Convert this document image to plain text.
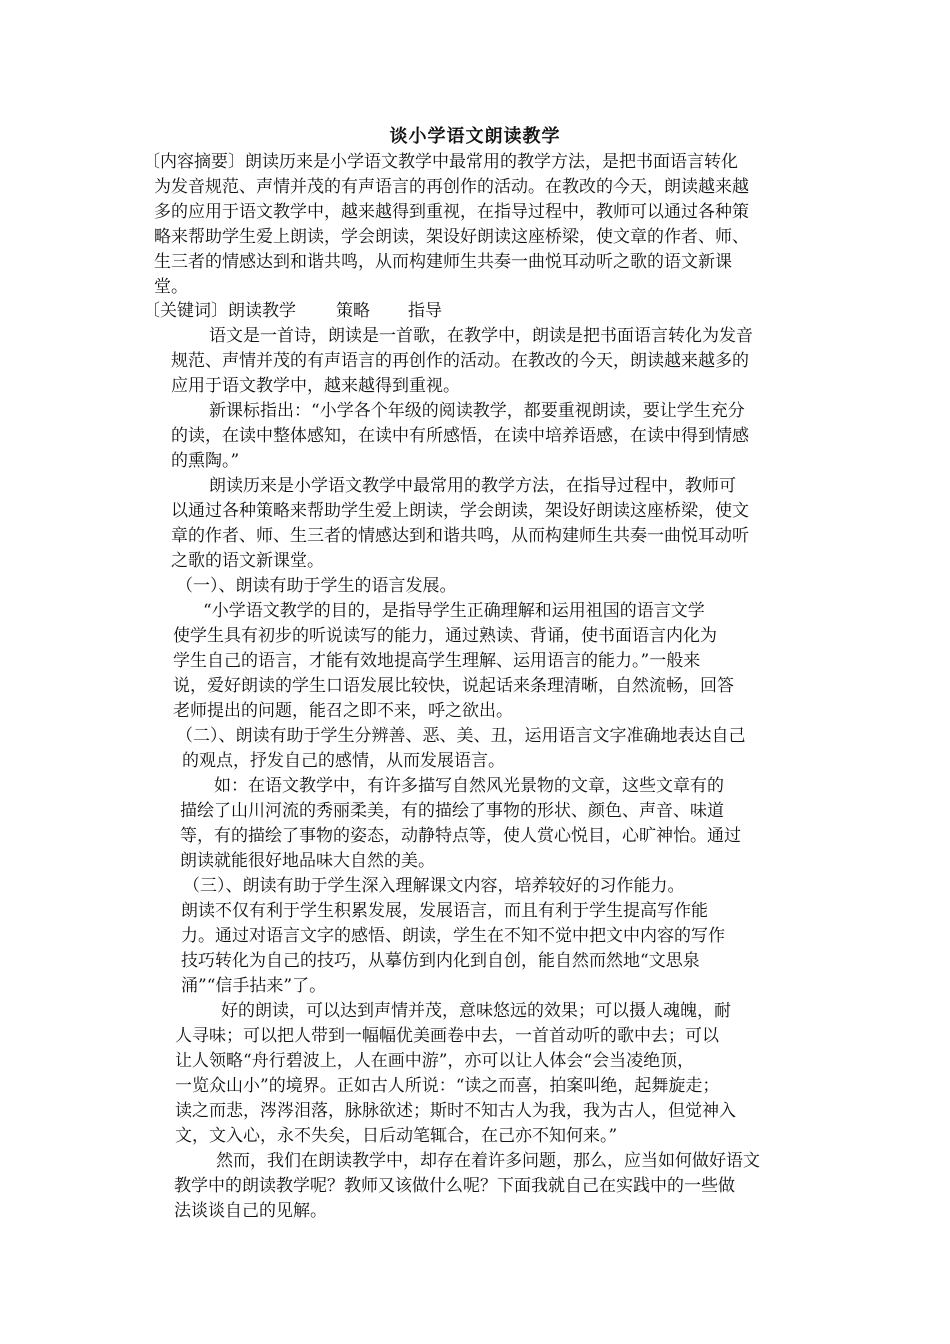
谈小学语文朗读教学
〔内容摘要〕朗读历来是小学语文教学中最常用的教学方法，是把书面语言转化
为发音规范、声情并茂的有声语言的再创作的活动。在教改的今天，朗读越来越
多的应用于语文教学中，越来越得到重视，在指导过程中，教师可以通过各种策
略来帮助学生爱上朗读，学会朗读，架设好朗读这座桥梁，使文章的作者、师、
生三者的情感达到和谐共鸣，从而构建师生共奏一曲悦耳动听之歌的语文新课
堂。
〔关键词〕朗读教学 策略 指导
语文是一首诗，朗读是一首歌，在教学中，朗读是把书面语言转化为发音
规范、声情并茂的有声语言的再创作的活动。在教改的今天，朗读越来越多的
应用于语文教学中，越来越得到重视。
新课标指出：“小学各个年级的阅读教学，都要重视朗读，要让学生充分
的读，在读中整体感知，在读中有所感悟，在读中培养语感，在读中得到情感
的熏陶。”
朗读历来是小学语文教学中最常用的教学方法，在指导过程中，教师可
以通过各种策略来帮助学生爱上朗读，学会朗读，架设好朗读这座桥梁，使文
章的作者、师、生三者的情感达到和谐共鸣，从而构建师生共奏一曲悦耳动听
之歌的语文新课堂。
（一）、朗读有助于学生的语言发展。
“小学语文教学的目的，是指导学生正确理解和运用祖国的语言文学
使学生具有初步的听说读写的能力，通过熟读、背诵，使书面语言内化为
学生自己的语言，才能有效地提高学生理解、运用语言的能力。”一般来
说，爱好朗读的学生口语发展比较快，说起话来条理清晰，自然流畅，回答
老师提出的问题，能召之即不来，呼之欲出。
（二）、朗读有助于学生分辨善、恶、美、丑，运用语言文字准确地表达自己
的观点，抒发自己的感情，从而发展语言。
如：在语文教学中，有许多描写自然风光景物的文章，这些文章有的
描绘了山川河流的秀丽柔美，有的描绘了事物的形状、颜色、声音、味道
等，有的描绘了事物的姿态，动静特点等，使人赏心悦目，心旷神怡。通过
朗读就能很好地品味大自然的美。
（三）、朗读有助于学生深入理解课文内容，培养较好的习作能力。
朗读不仅有利于学生积累发展，发展语言，而且有利于学生提高写作能
力。通过对语言文字的感悟、朗读，学生在不知不觉中把文中内容的写作
技巧转化为自己的技巧，从摹仿到内化到自创，能自然而然地“文思泉
涌”“信手拈来”了。
好的朗读，可以达到声情并茂，意味悠远的效果；可以摄人魂魄，耐
人寻味；可以把人带到一幅幅优美画卷中去，一首首动听的歌中去；可以
让人领略“舟行碧波上，人在画中游”，亦可以让人体会“会当凌绝顶，
一览众山小”的境界。正如古人所说：“读之而喜，拍案叫绝，起舞旋走；
读之而悲，涔涔泪落，脉脉欲述；斯时不知古人为我，我为古人，但觉神入
文，文入心，永不失矣，日后动笔辄合，在己亦不知何来。”
然而，我们在朗读教学中，却存在着许多问题，那么，应当如何做好语文
教学中的朗读教学呢？教师又该做什么呢？下面我就自己在实践中的一些做
法谈谈自己的见解。
